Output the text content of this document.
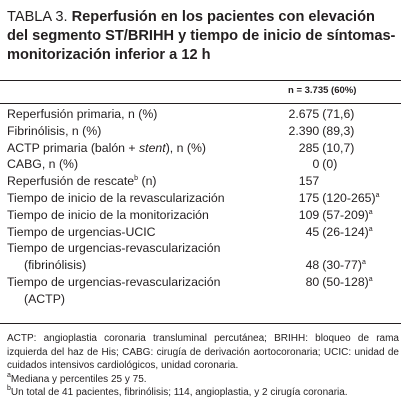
TABLA 3. Reperfusión en los pacientes con elevación del segmento ST/BRIHH y tiempo de inicio de síntomas-monitorización inferior a 12 h

n = 3.735 (60%)
Reperfusión primaria, n (%)	2.675 (71,6)
Fibrinólisis, n (%)	2.390 (89,3)
ACTP primaria (balón + stent), n (%)	285 (10,7)
CABG, n (%)	0 (0)
Reperfusión de rescate$^b$ (n)	157
Tiempo de inicio de la revascularización	175 $(120-265)^a$
Tiempo de inicio de la monitorización	109 $(57-209)^a$
Tiempo de urgencias-UCIC	45 $(26-124)^a$
Tiempo de urgencias-revascularización	
(fibrinólisis)	48 $(30-77)^a$
Tiempo de urgencias-revascularización	80 $(50-128)^a$
(ACTP)	

ACTP: angioplastia coronaria transluminal percutánea; BRIHH: bloqueo de rama izquierda del haz de His; CABG: cirugía de derivación aortocoronaria; UCIC: unidad de cuidados intensivos cardiológicos, unidad coronaria.

$^a$Mediana y percentiles 25 y 75.

$^b$Un total de 41 pacientes, fibrinólisis; 114, angioplastia, y 2 cirugía coronaria.
